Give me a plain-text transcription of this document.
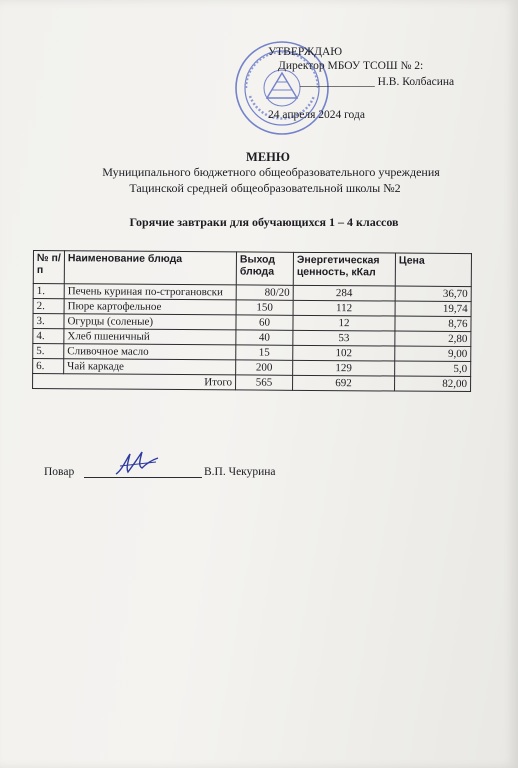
УТВЕРЖДАЮ
Директор МБОУ ТСОШ № 2:
_____________ Н.В. Колбасина
24 апреля 2024 года
МЕНЮ
Муниципального бюджетного общеобразовательного учреждения
Тацинской средней общеобразовательной школы №2
Горячие завтраки для обучающихся 1 – 4 классов
№ п/п	Наименование блюда	Выход блюда	Энергетическая ценность, кКал	Цена
1.	Печень куриная по-строгановски	80/20	284	36,70
2.	Пюре картофельное	150	112	19,74
3.	Огурцы (соленые)	60	12	8,76
4.	Хлеб пшеничный	40	53	2,80
5.	Сливочное масло	15	102	9,00
6.	Чай каркаде	200	129	5,0
Итого		565	692	82,00
Повар	В.П. Чекурина
